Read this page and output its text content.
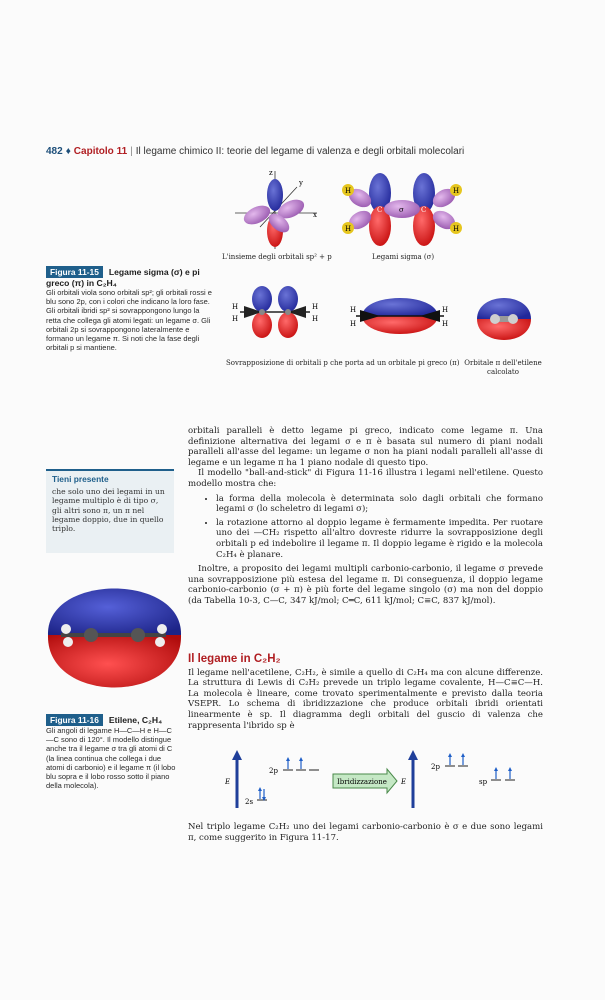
482 ♦ Capitolo 11 | Il legame chimico II: teorie del legame di valenza e degli orbitali molecolari
z
y
x
L'insieme degli orbitali sp² + p
H
H
H
H
C	C
σ
Legami sigma (σ)
Figura 11-15 Legame sigma (σ) e pi greco (π) in C₂H₄
Gli orbitali viola sono orbitali sp²; gli orbitali rossi e blu sono 2p, con i colori che indicano la loro fase. Gli orbitali ibridi sp² si sovrappongono lungo la retta che collega gli atomi legati: un legame σ. Gli orbitali 2p si sovrappongono lateralmente e formano un legame π. Si noti che la fase degli orbitali p si mantiene.
H
H
H
H
H
H
H
H
Sovrapposizione di orbitali p che porta ad un orbitale pi greco (π) Orbitale π dell'etilene calcolato

orbitali paralleli è detto legame pi greco, indicato come legame π. Una definizione alternativa dei legami σ e π è basata sul numero di piani nodali paralleli all'asse del legame: un legame σ non ha piani nodali paralleli all'asse di legame e un legame π ha 1 piano nodale di questo tipo.

Il modello "ball-and-stick" di Figura 11-16 illustra i legami nell'etilene. Questo modello mostra che:

• la forma della molecola è determinata solo dagli orbitali che formano legami σ (lo scheletro di legami σ);
• la rotazione attorno al doppio legame è fermamente impedita. Per ruotare uno dei —CH₂ rispetto all'altro dovreste ridurre la sovrapposizione degli orbitali p ed indebolire il legame π. Il doppio legame è rigido e la molecola C₂H₄ è planare.

Inoltre, a proposito dei legami multipli carbonio-carbonio, il legame σ prevede una sovrapposizione più estesa del legame π. Di conseguenza, il doppio legame carbonio-carbonio (σ + π) è più forte del legame singolo (σ) ma non del doppio (da Tabella 10-3, C—C, 347 kJ/mol; C═C, 611 kJ/mol; C≡C, 837 kJ/mol).

Il legame in C₂H₂

Il legame nell'acetilene, C₂H₂, è simile a quello di C₂H₄ ma con alcune differenze. La struttura di Lewis di C₂H₂ prevede un triplo legame covalente, H—C≡C—H. La molecola è lineare, come trovato sperimentalmente e previsto dalla teoria VSEPR. Lo schema di ibridizzazione che produce orbitali ibridi orientati linearmente è sp. Il diagramma degli orbitali del guscio di valenza che rappresenta l'ibrido sp è

Tieni presente
che solo uno dei legami in un legame multiplo è di tipo σ, gli altri sono π, un π nel legame doppio, due in quello triplo.
Figura 11-16 Etilene, C₂H₄
Gli angoli di legame H—C—H e H—C—C sono di 120°. Il modello distingue anche tra il legame σ tra gli atomi di C (la linea continua che collega i due atomi di carbonio) e il legame π (il lobo blu sopra e il lobo rosso sotto il piano della molecola).	E
2p
2s
Ibridizzazione E
2p
sp

Nel triplo legame C₂H₂ uno dei legami carbonio-carbonio è σ e due sono legami π, come suggerito in Figura 11-17.
